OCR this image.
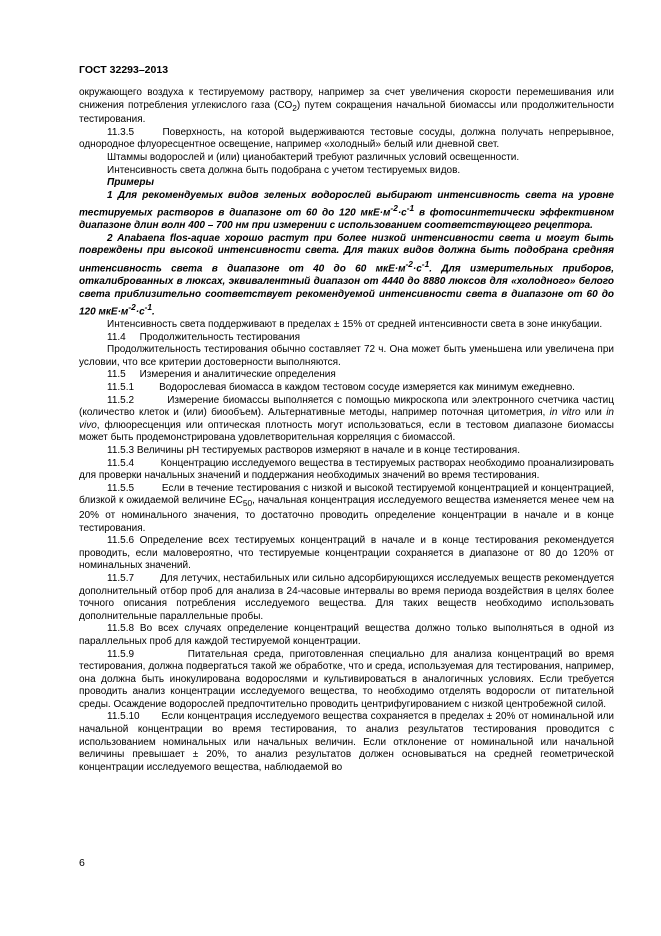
ГОСТ 32293–2013

окружающего воздуха к тестируемому раствору, например за счет увеличения скорости перемешивания или снижения потребления углекислого газа $(СО_2)$ путем сокращения начальной биомассы или продолжительности тестирования.

11.3.5     Поверхность, на которой выдерживаются тестовые сосуды, должна получать непрерывное, однородное флуоресцентное освещение, например «холодный» белый или дневной свет.

Штаммы водорослей и (или) цианобактерий требуют различных условий освещенности.

Интенсивность света должна быть подобрана с учетом тестируемых видов.

Примеры

1 Для рекомендуемых видов зеленых водорослей выбирают интенсивность света на уровне тестируемых растворов в диапазоне от 60 до 120 $мкЕ\cdot м^{-2}\cdot с^{-1}$ в фотосинтетически эффективном диапазоне длин волн 400 – 700 нм при измерении с использованием соответствующего рецептора.

2 Anabaena flos-aquae хорошо растут при более низкой интенсивности света и могут быть повреждены при высокой интенсивности света. Для таких видов должна быть подобрана средняя интенсивность света в диапазоне от 40 до 60 $мкЕ\cdot м^{-2}\cdot с^{-1}$. Для измерительных приборов, откалиброванных в люксах, эквивалентный диапазон от 4440 до 8880 люксов для «холодного» белого света приблизительно соответствует рекомендуемой интенсивности света в диапазоне от 60 до 120 $мкЕ\cdot м^{-2}\cdot с^{-1}$.

Интенсивность света поддерживают в пределах ± 15% от средней интенсивности света в зоне инкубации.

11.4     Продолжительность тестирования

Продолжительность тестирования обычно составляет 72 ч. Она может быть уменьшена или увеличена при условии, что все критерии достоверности выполняются.

11.5     Измерения и аналитические определения

11.5.1         Водорослевая биомасса в каждом тестовом сосуде измеряется как минимум ежедневно.

11.5.2         Измерение биомассы выполняется с помощью микроскопа или электронного счетчика частиц (количество клеток и (или) биообъем). Альтернативные методы, например поточная цитометрия, in vitro или in vivo, флюоресценция или оптическая плотность могут использоваться, если в тестовом диапазоне биомассы может быть продемонстрирована удовлетворительная корреляция с биомассой.

11.5.3 Величины pH тестируемых растворов измеряют в начале и в конце тестирования.

11.5.4         Концентрацию исследуемого вещества в тестируемых растворах необходимо проанализировать для проверки начальных значений и поддержания необходимых значений во время тестирования.

11.5.5         Если в течение тестирования с низкой и высокой тестируемой концентрацией и концентрацией, близкой к ожидаемой величине $ЕС_{50}$, начальная концентрация исследуемого вещества изменяется менее чем на 20% от номинального значения, то достаточно проводить определение концентрации в начале и в конце тестирования.

11.5.6 Определение всех тестируемых концентраций в начале и в конце тестирования рекомендуется проводить, если маловероятно, что тестируемые концентрации сохраняется в диапазоне от 80 до 120% от номинальных значений.

11.5.7         Для летучих, нестабильных или сильно адсорбирующихся исследуемых веществ рекомендуется дополнительный отбор проб для анализа в 24-часовые интервалы во время периода воздействия в целях более точного описания потребления исследуемого вещества. Для таких веществ необходимо использовать дополнительные параллельные пробы.

11.5.8 Во всех случаях определение концентраций вещества должно только выполняться в одной из параллельных проб для каждой тестируемой концентрации.

11.5.9         Питательная среда, приготовленная специально для анализа концентраций во время тестирования, должна подвергаться такой же обработке, что и среда, используемая для тестирования, например, она должна быть инокулирована водорослями и культивироваться в аналогичных условиях. Если требуется проводить анализ концентрации исследуемого вещества, то необходимо отделять водоросли от питательной среды. Осаждение водорослей предпочтительно проводить центрифугированием с низкой центробежной силой.

11.5.10       Если концентрация исследуемого вещества сохраняется в пределах ± 20% от номинальной или начальной концентрации во время тестирования, то анализ результатов тестирования проводится с использованием номинальных или начальных величин. Если отклонение от номинальной или начальной величины превышает ± 20%, то анализ результатов должен основываться на средней геометрической концентрации исследуемого вещества, наблюдаемой во

6
